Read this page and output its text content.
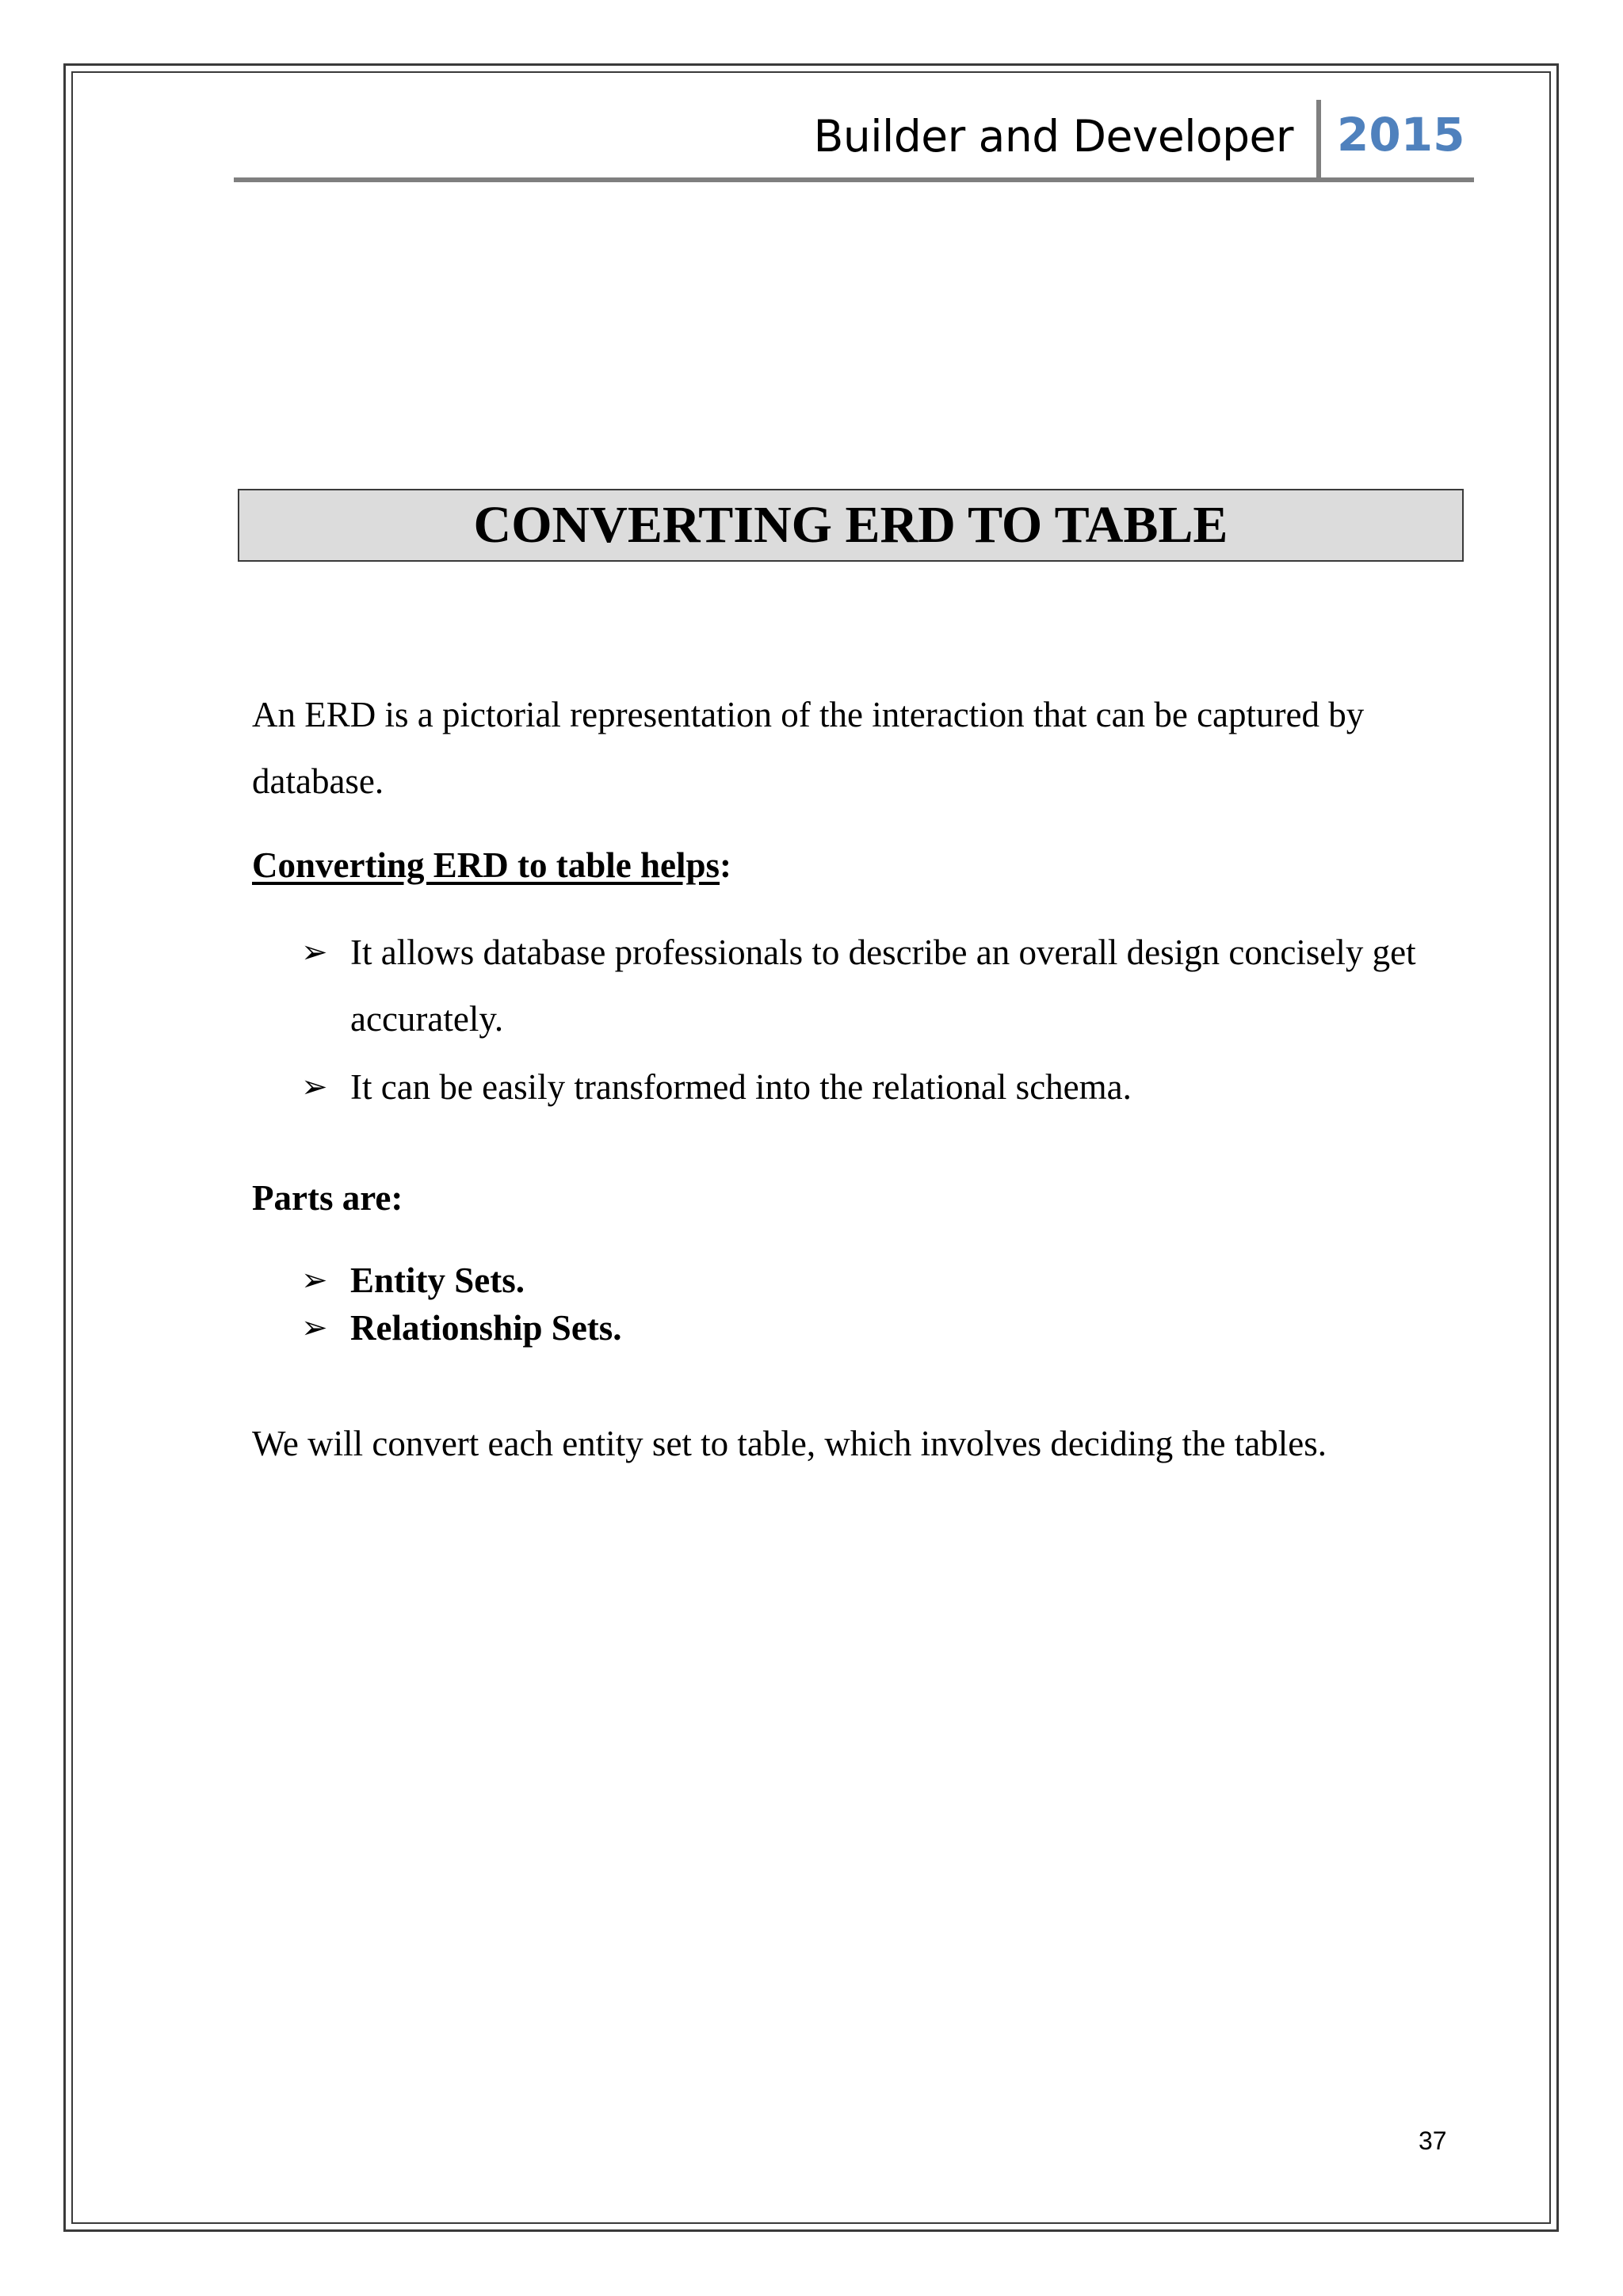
Builder and Developer 2015
CONVERTING ERD TO TABLE
An ERD is a pictorial representation of the interaction that can be captured by database.
Converting ERD to table helps:
➢ It allows database professionals to describe an overall design concisely get accurately.
➢ It can be easily transformed into the relational schema.
Parts are:
➢ Entity Sets.
➢ Relationship Sets.
We will convert each entity set to table, which involves deciding the tables.
37
